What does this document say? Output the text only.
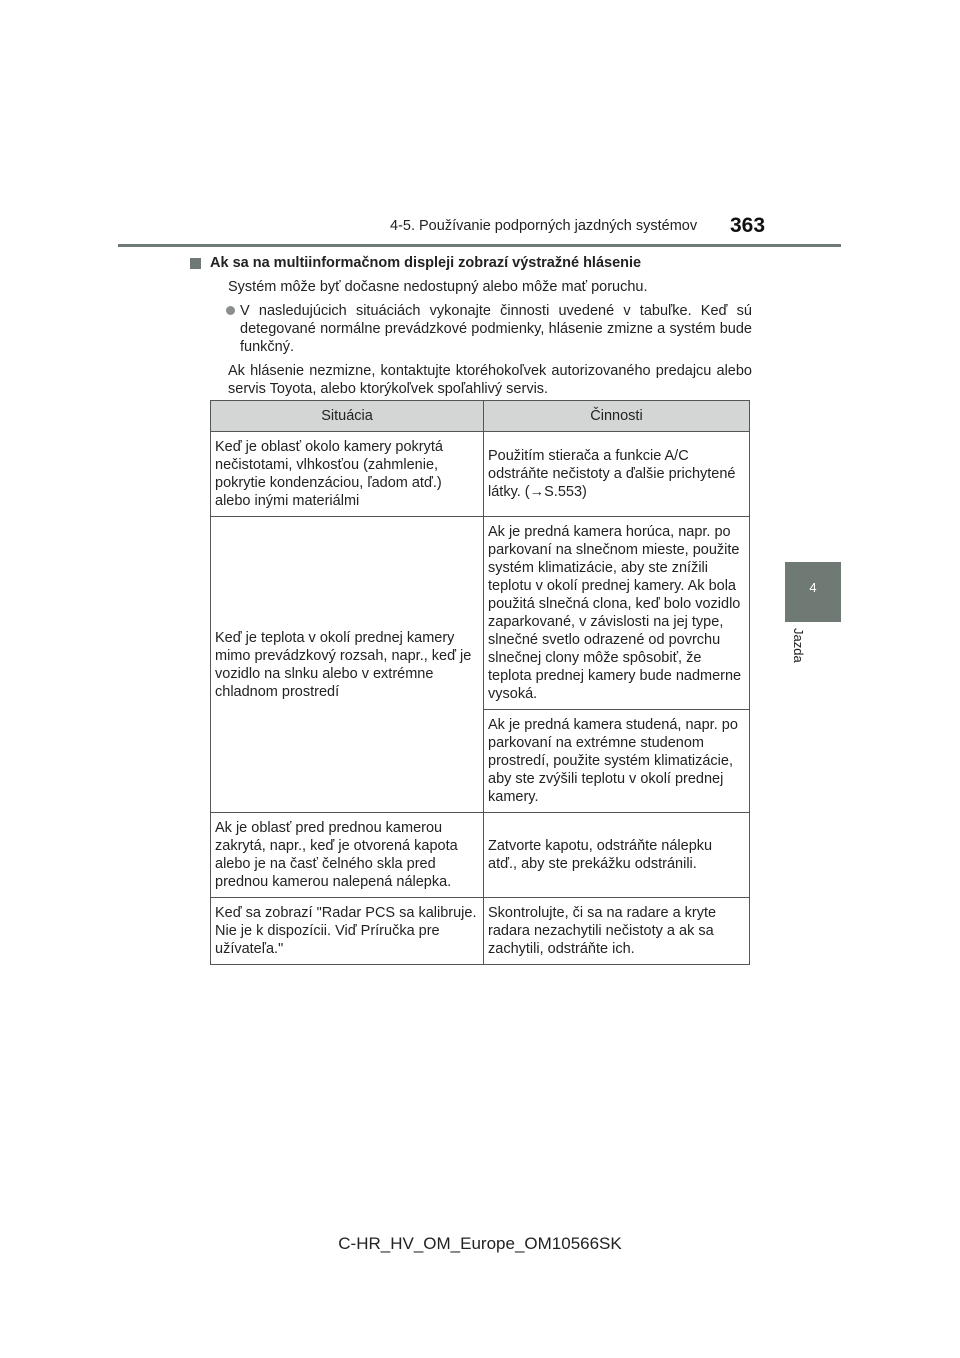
4-5. Používanie podporných jazdných systémov 363
4
Jazda
Ak sa na multiinformačnom displeji zobrazí výstražné hlásenie

Systém môže byť dočasne nedostupný alebo môže mať poruchu.

V nasledujúcich situáciách vykonajte činnosti uvedené v tabuľke. Keď sú detegované normálne prevádzkové podmienky, hlásenie zmizne a systém bude funkčný.

Ak hlásenie nezmizne, kontaktujte ktoréhokoľvek autorizovaného predajcu alebo servis Toyota, alebo ktorýkoľvek spoľahlivý servis.

Situácia	Činnosti
Keď je oblasť okolo kamery pokrytá nečistotami, vlhkosťou (zahmlenie, pokrytie kondenzáciou, ľadom atď.) alebo inými materiálmi	Použitím stierača a funkcie A/C odstráňte nečistoty a ďalšie prichytené látky. (→S.553)
Keď je teplota v okolí prednej kamery mimo prevádzkový rozsah, napr., keď je vozidlo na slnku alebo v extrémne chladnom prostredí	Ak je predná kamera horúca, napr. po parkovaní na slnečnom mieste, použite systém klimatizácie, aby ste znížili teplotu v okolí prednej kamery. Ak bola použitá slnečná clona, keď bolo vozidlo zaparkované, v závislosti na jej type, slnečné svetlo odrazené od povrchu slnečnej clony môže spôsobiť, že teplota prednej kamery bude nadmerne vysoká.
	Ak je predná kamera studená, napr. po parkovaní na extrémne studenom prostredí, použite systém klimatizácie, aby ste zvýšili teplotu v okolí prednej kamery.
Ak je oblasť pred prednou kamerou zakrytá, napr., keď je otvorená kapota alebo je na časť čelného skla pred prednou kamerou nalepená nálepka.	Zatvorte kapotu, odstráňte nálepku atď., aby ste prekážku odstránili.
Keď sa zobrazí "Radar PCS sa kalibruje. Nie je k dispozícii. Viď Príručka pre užívateľa."	Skontrolujte, či sa na radare a kryte radara nezachytili nečistoty a ak sa zachytili, odstráňte ich.
C-HR_HV_OM_Europe_OM10566SK
